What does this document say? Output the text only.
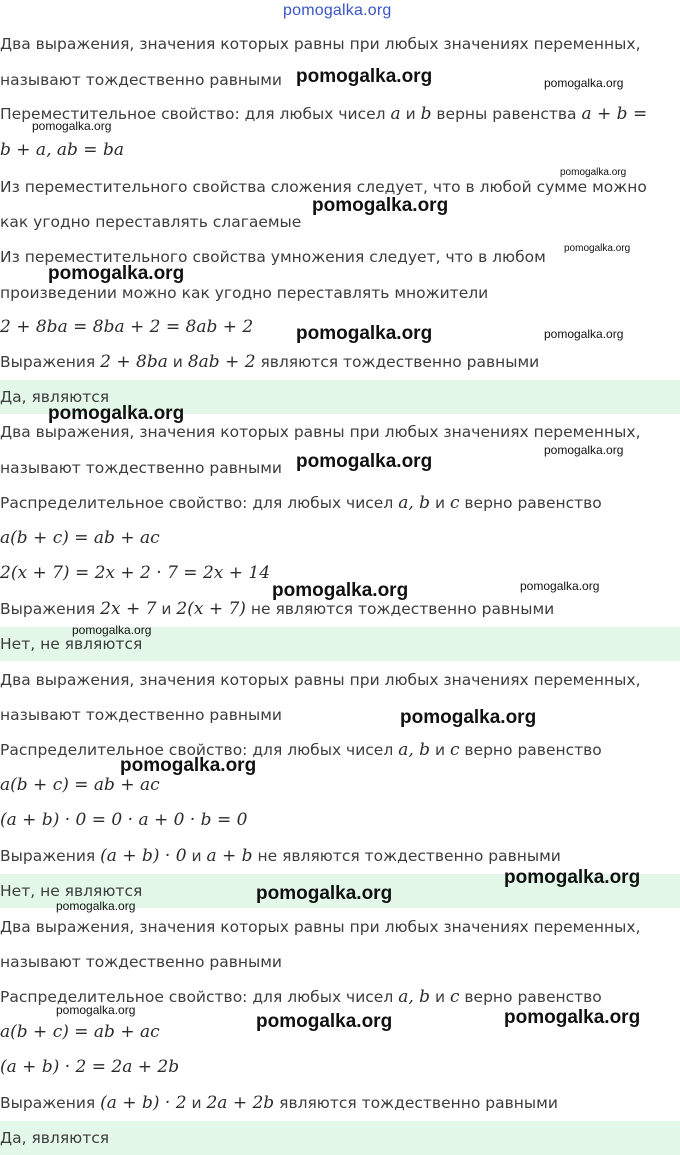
pomogalka.org
Два выражения, значения которых равны при любых значениях переменных,
называют тождественно равными
Переместительное свойство: для любых чисел a и b верны равенства a + b =
b + a, ab = ba
Из переместительного свойства сложения следует, что в любой сумме можно
как угодно переставлять слагаемые
Из переместительного свойства умножения следует, что в любом
произведении можно как угодно переставлять множители
2 + 8ba = 8ba + 2 = 8ab + 2
Выражения 2 + 8ba и 8ab + 2 являются тождественно равными
Да, являются
Два выражения, значения которых равны при любых значениях переменных,
называют тождественно равными
Распределительное свойство: для любых чисел a, b и c верно равенство
a(b + c) = ab + ac
2(x + 7) = 2x + 2 · 7 = 2x + 14
Выражения 2x + 7 и 2(x + 7) не являются тождественно равными
Нет, не являются
Два выражения, значения которых равны при любых значениях переменных,
называют тождественно равными
Распределительное свойство: для любых чисел a, b и c верно равенство
a(b + c) = ab + ac
(a + b) · 0 = 0 · a + 0 · b = 0
Выражения (a + b) · 0 и a + b не являются тождественно равными
Нет, не являются
Два выражения, значения которых равны при любых значениях переменных,
называют тождественно равными
Распределительное свойство: для любых чисел a, b и c верно равенство
a(b + c) = ab + ac
(a + b) · 2 = 2a + 2b
Выражения (a + b) · 2 и 2a + 2b являются тождественно равными
Да, являются
pomogalka.org	pomogalka.org
pomogalka.org
pomogalka.org
pomogalka.org
pomogalka.org
pomogalka.org
pomogalka.org	pomogalka.org
pomogalka.org
pomogalka.org
pomogalka.org
pomogalka.org	pomogalka.org
pomogalka.org
pomogalka.org
pomogalka.org
pomogalka.org
pomogalka.org
pomogalka.org
pomogalka.org
pomogalka.org	pomogalka.org
